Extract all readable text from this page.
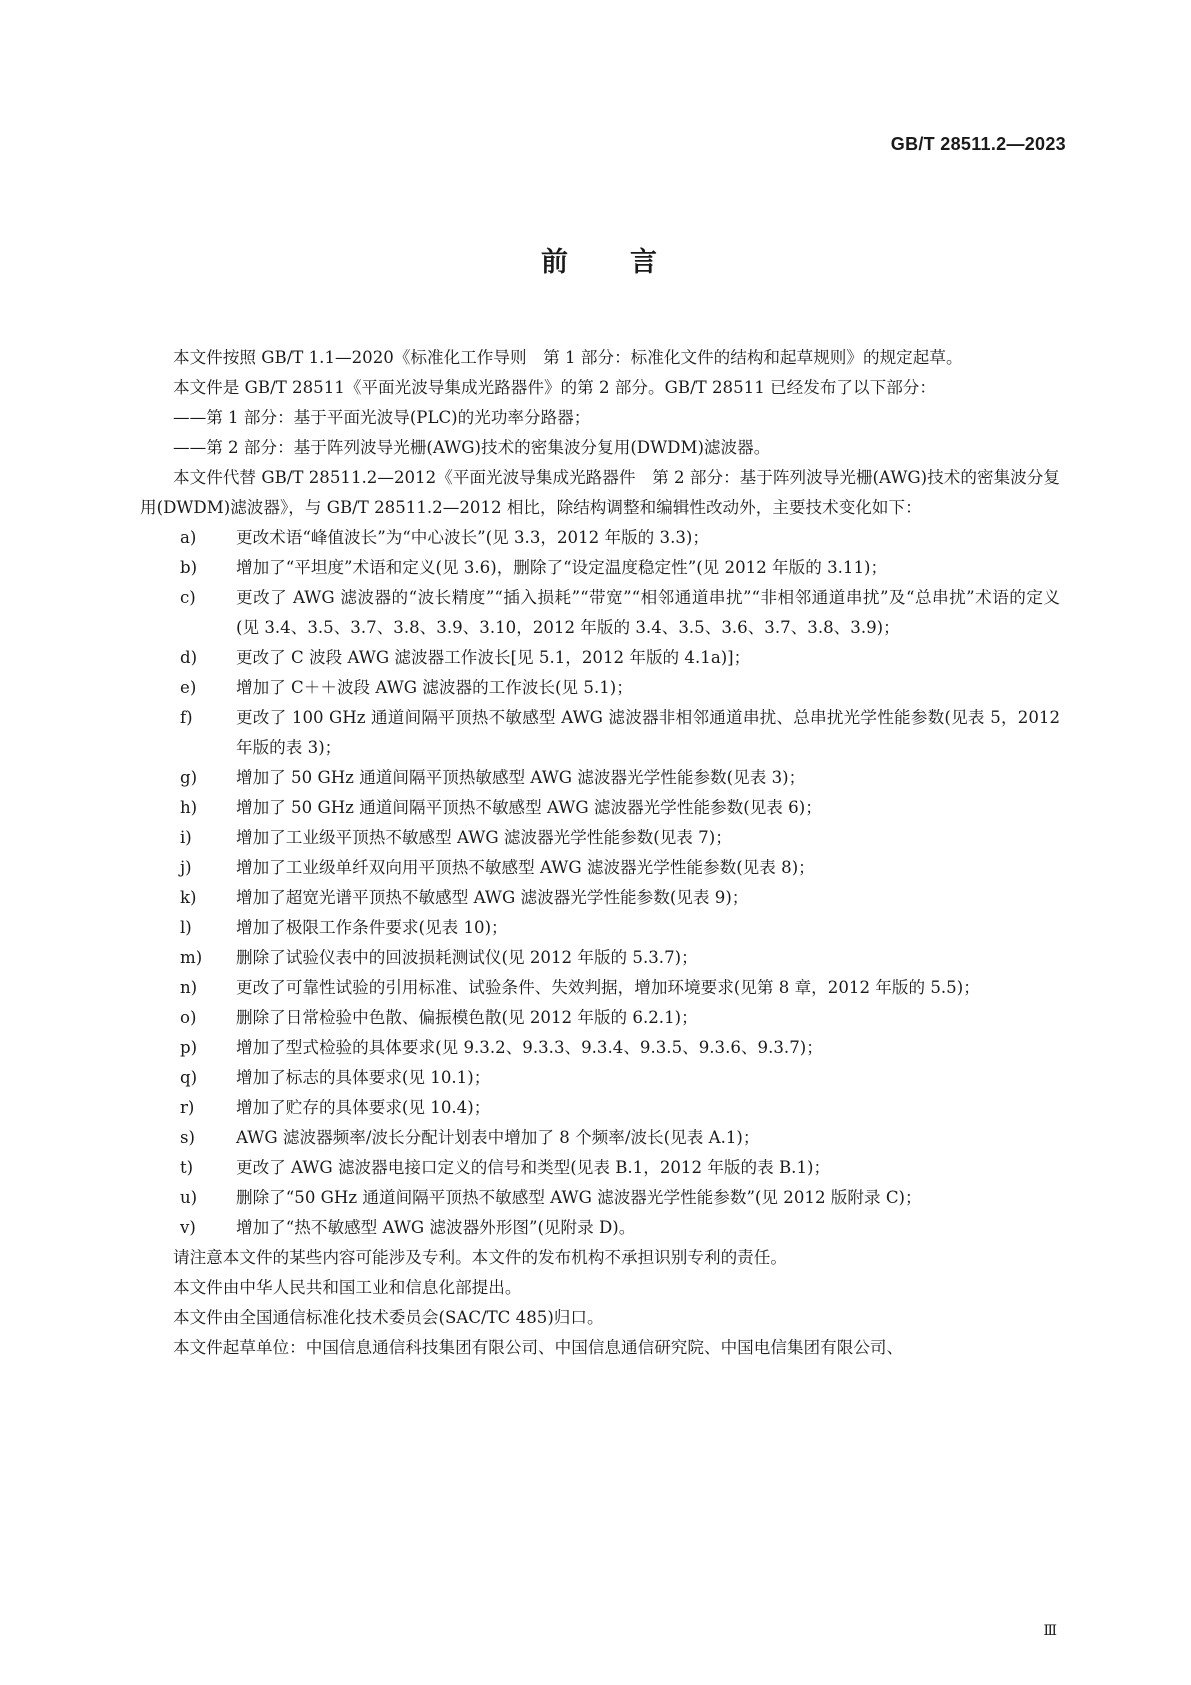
GB/T 28511.2—2023
前 言

本文件按照 GB/T 1.1—2020《标准化工作导则　第 1 部分：标准化文件的结构和起草规则》的规定起草。

本文件是 GB/T 28511《平面光波导集成光路器件》的第 2 部分。GB/T 28511 已经发布了以下部分：

——第 1 部分：基于平面光波导(PLC)的光功率分路器；

——第 2 部分：基于阵列波导光栅(AWG)技术的密集波分复用(DWDM)滤波器。

本文件代替 GB/T 28511.2—2012《平面光波导集成光路器件　第 2 部分：基于阵列波导光栅(AWG)技术的密集波分复用(DWDM)滤波器》，与 GB/T 28511.2—2012 相比，除结构调整和编辑性改动外，主要技术变化如下：

a)	更改术语“峰值波长”为“中心波长”(见 3.3，2012 年版的 3.3)；
b)	增加了“平坦度”术语和定义(见 3.6)，删除了“设定温度稳定性”(见 2012 年版的 3.11)；
c)	更改了 AWG 滤波器的“波长精度”“插入损耗”“带宽”“相邻通道串扰”“非相邻通道串扰”及“总串扰”术语的定义(见 3.4、3.5、3.7、3.8、3.9、3.10，2012 年版的 3.4、3.5、3.6、3.7、3.8、3.9)；
d)	更改了 C 波段 AWG 滤波器工作波长[见 5.1，2012 年版的 4.1a)]；
e)	增加了 C＋＋波段 AWG 滤波器的工作波长(见 5.1)；
f)	更改了 100 GHz 通道间隔平顶热不敏感型 AWG 滤波器非相邻通道串扰、总串扰光学性能参数(见表 5，2012 年版的表 3)；
g)	增加了 50 GHz 通道间隔平顶热敏感型 AWG 滤波器光学性能参数(见表 3)；
h)	增加了 50 GHz 通道间隔平顶热不敏感型 AWG 滤波器光学性能参数(见表 6)；
i)	增加了工业级平顶热不敏感型 AWG 滤波器光学性能参数(见表 7)；
j)	增加了工业级单纤双向用平顶热不敏感型 AWG 滤波器光学性能参数(见表 8)；
k)	增加了超宽光谱平顶热不敏感型 AWG 滤波器光学性能参数(见表 9)；
l)	增加了极限工作条件要求(见表 10)；
m)	删除了试验仪表中的回波损耗测试仪(见 2012 年版的 5.3.7)；
n)	更改了可靠性试验的引用标准、试验条件、失效判据，增加环境要求(见第 8 章，2012 年版的 5.5)；
o)	删除了日常检验中色散、偏振模色散(见 2012 年版的 6.2.1)；
p)	增加了型式检验的具体要求(见 9.3.2、9.3.3、9.3.4、9.3.5、9.3.6、9.3.7)；
q)	增加了标志的具体要求(见 10.1)；
r)	增加了贮存的具体要求(见 10.4)；
s)	AWG 滤波器频率/波长分配计划表中增加了 8 个频率/波长(见表 A.1)；
t)	更改了 AWG 滤波器电接口定义的信号和类型(见表 B.1，2012 年版的表 B.1)；
u)	删除了“50 GHz 通道间隔平顶热不敏感型 AWG 滤波器光学性能参数”(见 2012 版附录 C)；
v)	增加了“热不敏感型 AWG 滤波器外形图”(见附录 D)。

请注意本文件的某些内容可能涉及专利。本文件的发布机构不承担识别专利的责任。

本文件由中华人民共和国工业和信息化部提出。

本文件由全国通信标准化技术委员会(SAC/TC 485)归口。

本文件起草单位：中国信息通信科技集团有限公司、中国信息通信研究院、中国电信集团有限公司、

Ⅲ
